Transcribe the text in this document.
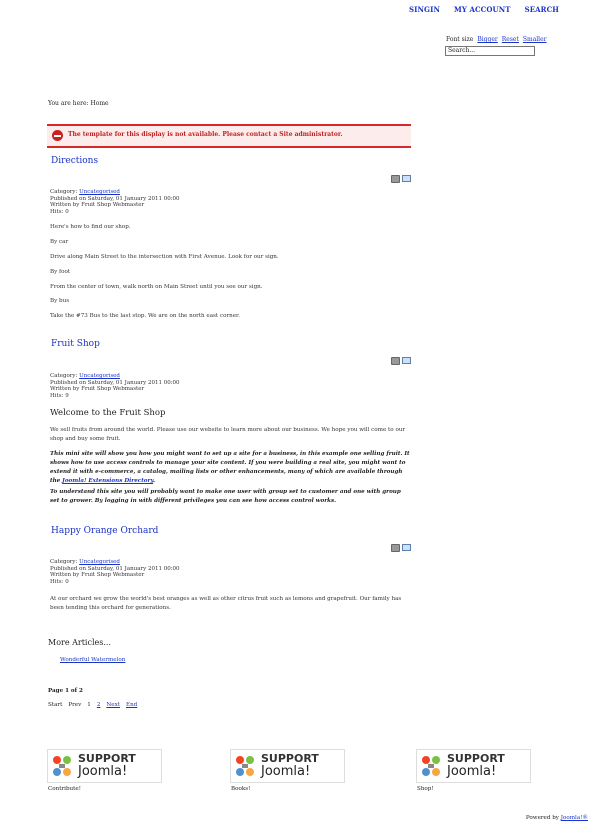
SINGIN MY ACCOUNT SEARCH
Font size Bigger Reset Smaller
Search...
You are here: Home
The template for this display is not available. Please contact a Site administrator.
Directions
Category: Uncategorised
Published on Saturday, 01 January 2011 00:00
Written by Fruit Shop Webmaster
Hits: 0
Here's how to find our shop.
By car
Drive along Main Street to the intersection with First Avenue. Look for our sign.
By foot
From the center of town, walk north on Main Street until you see our sign.
By bus
Take the #73 Bus to the last stop. We are on the north east corner.
Fruit Shop
Category: Uncategorised
Published on Saturday, 01 January 2011 00:00
Written by Fruit Shop Webmaster
Hits: 9
Welcome to the Fruit Shop
We sell fruits from around the world. Please use our website to learn more about our business. We hope you will come to our shop and buy some fruit.
This mini site will show you how you might want to set up a site for a business, in this example one selling fruit. It shows how to use access controls to manage your site content. If you were building a real site, you might want to extend it with e-commerce, a catalog, mailing lists or other enhancements, many of which are available through the Joomla! Extensions Directory.
To understand this site you will probably want to make one user with group set to customer and one with group set to grower. By logging in with different privileges you can see how access control works.
Happy Orange Orchard
Category: Uncategorised
Published on Saturday, 01 January 2011 00:00
Written by Fruit Shop Webmaster
Hits: 0
At our orchard we grow the world's best oranges as well as other citrus fruit such as lemons and grapefruit. Our family has been tending this orchard for generations.
More Articles...
Wonderful Watermelon
Page 1 of 2
Start Prev 1 2 Next End
SUPPORT
Joomla!
Contribute!
SUPPORT
Joomla!
Books!
SUPPORT
Joomla!
Shop!
Powered by Joomla!®
